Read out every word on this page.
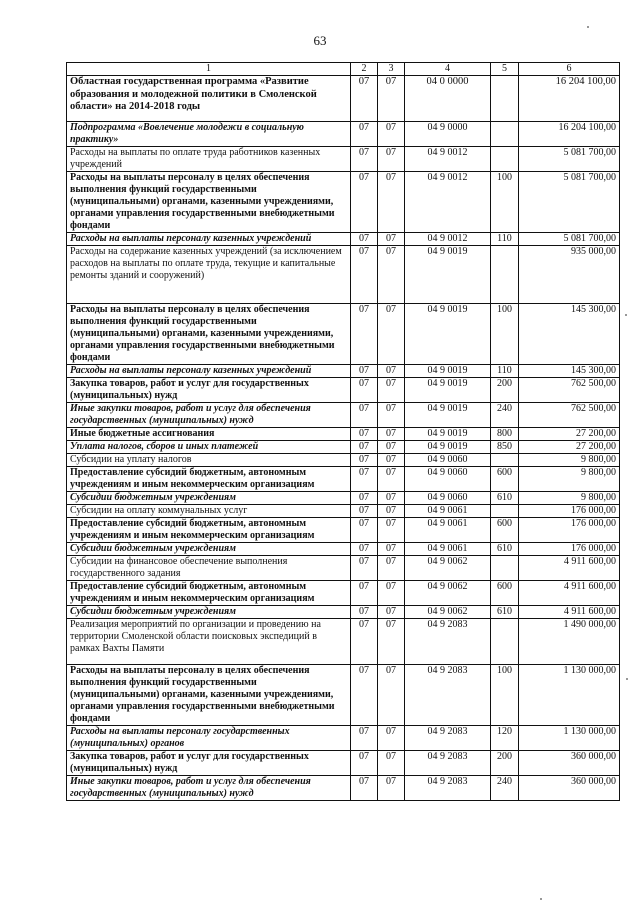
63
1	2	3	4	5	6
Областная государственная программа «Развитие образования и молодежной политики в Смоленской области» на 2014-2018 годы	07	07	04 0 0000		16 204 100,00
Подпрограмма «Вовлечение молодежи в социальную практику»	07	07	04 9 0000		16 204 100,00
Расходы на выплаты по оплате труда работников казенных учреждений	07	07	04 9 0012		5 081 700,00
Расходы на выплаты персоналу в целях обеспечения выполнения функций государственными (муниципальными) органами, казенными учреждениями, органами управления государственными внебюджетными фондами	07	07	04 9 0012	100	5 081 700,00
Расходы на выплаты персоналу казенных учреждений	07	07	04 9 0012	110	5 081 700,00
Расходы на содержание казенных учреждений (за исключением расходов на выплаты по оплате труда, текущие и капитальные ремонты зданий и сооружений)	07	07	04 9 0019		935 000,00
Расходы на выплаты персоналу в целях обеспечения выполнения функций государственными (муниципальными) органами, казенными учреждениями, органами управления государственными внебюджетными фондами	07	07	04 9 0019	100	145 300,00
Расходы на выплаты персоналу казенных учреждений	07	07	04 9 0019	110	145 300,00
Закупка товаров, работ и услуг для государственных (муниципальных) нужд	07	07	04 9 0019	200	762 500,00
Иные закупки товаров, работ и услуг для обеспечения государственных (муниципальных) нужд	07	07	04 9 0019	240	762 500,00
Иные бюджетные ассигнования	07	07	04 9 0019	800	27 200,00
Уплата налогов, сборов и иных платежей	07	07	04 9 0019	850	27 200,00
Субсидии на уплату налогов	07	07	04 9 0060		9 800,00
Предоставление субсидий бюджетным, автономным учреждениям и иным некоммерческим организациям	07	07	04 9 0060	600	9 800,00
Субсидии бюджетным учреждениям	07	07	04 9 0060	610	9 800,00
Субсидии на оплату коммунальных услуг	07	07	04 9 0061		176 000,00
Предоставление субсидий бюджетным, автономным учреждениям и иным некоммерческим организациям	07	07	04 9 0061	600	176 000,00
Субсидии бюджетным учреждениям	07	07	04 9 0061	610	176 000,00
Субсидии на финансовое обеспечение выполнения государственного задания	07	07	04 9 0062		4 911 600,00
Предоставление субсидий бюджетным, автономным учреждениям и иным некоммерческим организациям	07	07	04 9 0062	600	4 911 600,00
Субсидии бюджетным учреждениям	07	07	04 9 0062	610	4 911 600,00
Реализация мероприятий по организации и проведению на территории Смоленской области поисковых экспедиций в рамках Вахты Памяти	07	07	04 9 2083		1 490 000,00
Расходы на выплаты персоналу в целях обеспечения выполнения функций государственными (муниципальными) органами, казенными учреждениями, органами управления государственными внебюджетными фондами	07	07	04 9 2083	100	1 130 000,00
Расходы на выплаты персоналу государственных (муниципальных) органов	07	07	04 9 2083	120	1 130 000,00
Закупка товаров, работ и услуг для государственных (муниципальных) нужд	07	07	04 9 2083	200	360 000,00
Иные закупки товаров, работ и услуг для обеспечения государственных (муниципальных) нужд	07	07	04 9 2083	240	360 000,00
